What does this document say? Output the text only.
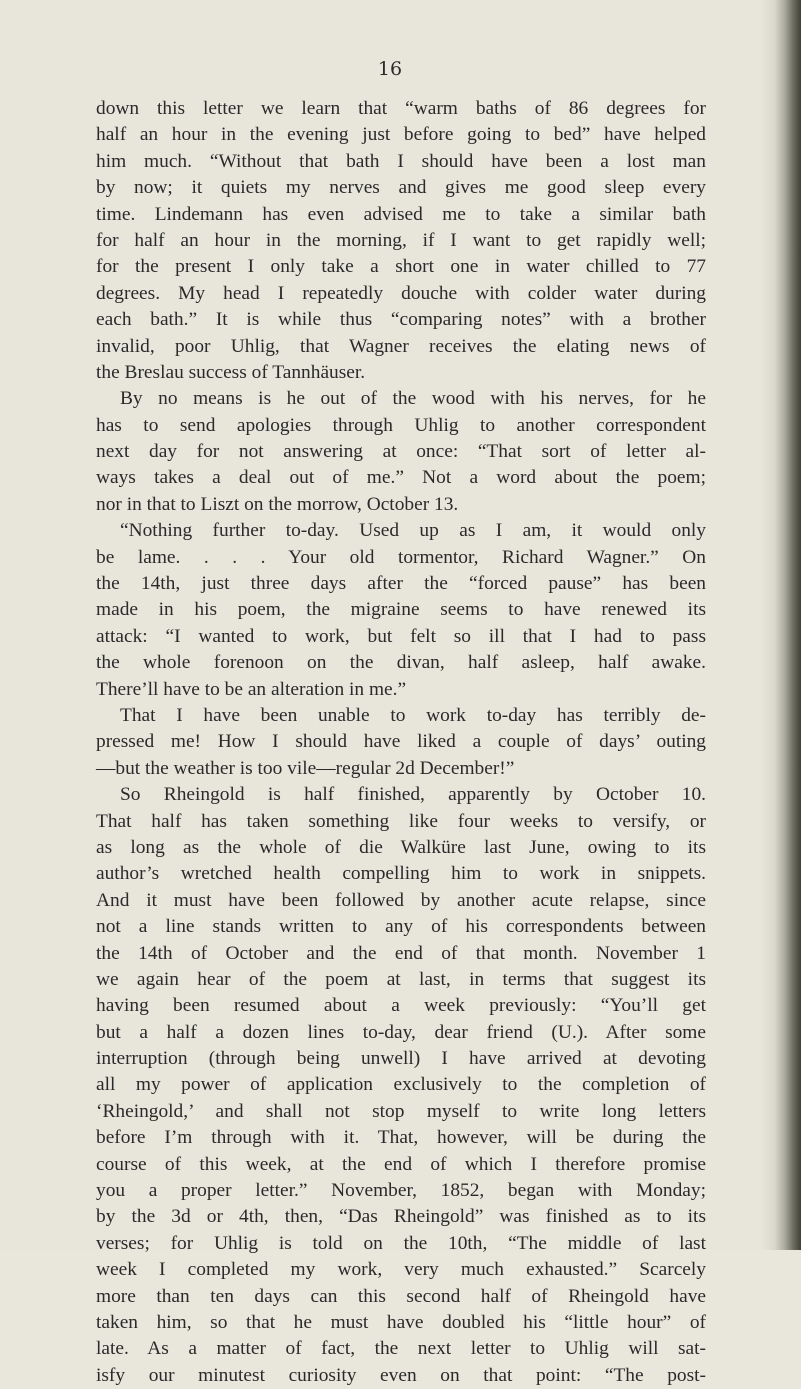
16
down this letter we learn that “warm baths of 86 degrees for
half an hour in the evening just before going to bed” have helped
him much. “Without that bath I should have been a lost man
by now; it quiets my nerves and gives me good sleep every
time. Lindemann has even advised me to take a similar bath
for half an hour in the morning, if I want to get rapidly well;
for the present I only take a short one in water chilled to 77
degrees. My head I repeatedly douche with colder water during
each bath.” It is while thus “comparing notes” with a brother
invalid, poor Uhlig, that Wagner receives the elating news of
the Breslau success of Tannhäuser.
By no means is he out of the wood with his nerves, for he
has to send apologies through Uhlig to another correspondent
next day for not answering at once: “That sort of letter al-
ways takes a deal out of me.” Not a word about the poem;
nor in that to Liszt on the morrow, October 13.
“Nothing further to-day. Used up as I am, it would only
be lame. . . . Your old tormentor, Richard Wagner.” On
the 14th, just three days after the “forced pause” has been
made in his poem, the migraine seems to have renewed its
attack: “I wanted to work, but felt so ill that I had to pass
the whole forenoon on the divan, half asleep, half awake.
There’ll have to be an alteration in me.”
That I have been unable to work to-day has terribly de-
pressed me! How I should have liked a couple of days’ outing
—but the weather is too vile—regular 2d December!”
So Rheingold is half finished, apparently by October 10.
That half has taken something like four weeks to versify, or
as long as the whole of die Walküre last June, owing to its
author’s wretched health compelling him to work in snippets.
And it must have been followed by another acute relapse, since
not a line stands written to any of his correspondents between
the 14th of October and the end of that month. November 1
we again hear of the poem at last, in terms that suggest its
having been resumed about a week previously: “You’ll get
but a half a dozen lines to-day, dear friend (U.). After some
interruption (through being unwell) I have arrived at devoting
all my power of application exclusively to the completion of
‘Rheingold,’ and shall not stop myself to write long letters
before I’m through with it. That, however, will be during the
course of this week, at the end of which I therefore promise
you a proper letter.” November, 1852, began with Monday;
by the 3d or 4th, then, “Das Rheingold” was finished as to its
verses; for Uhlig is told on the 10th, “The middle of last
week I completed my work, very much exhausted.” Scarcely
more than ten days can this second half of Rheingold have
taken him, so that he must have doubled his “little hour” of
late. As a matter of fact, the next letter to Uhlig will sat-
isfy our minutest curiosity even on that point: “The post-
